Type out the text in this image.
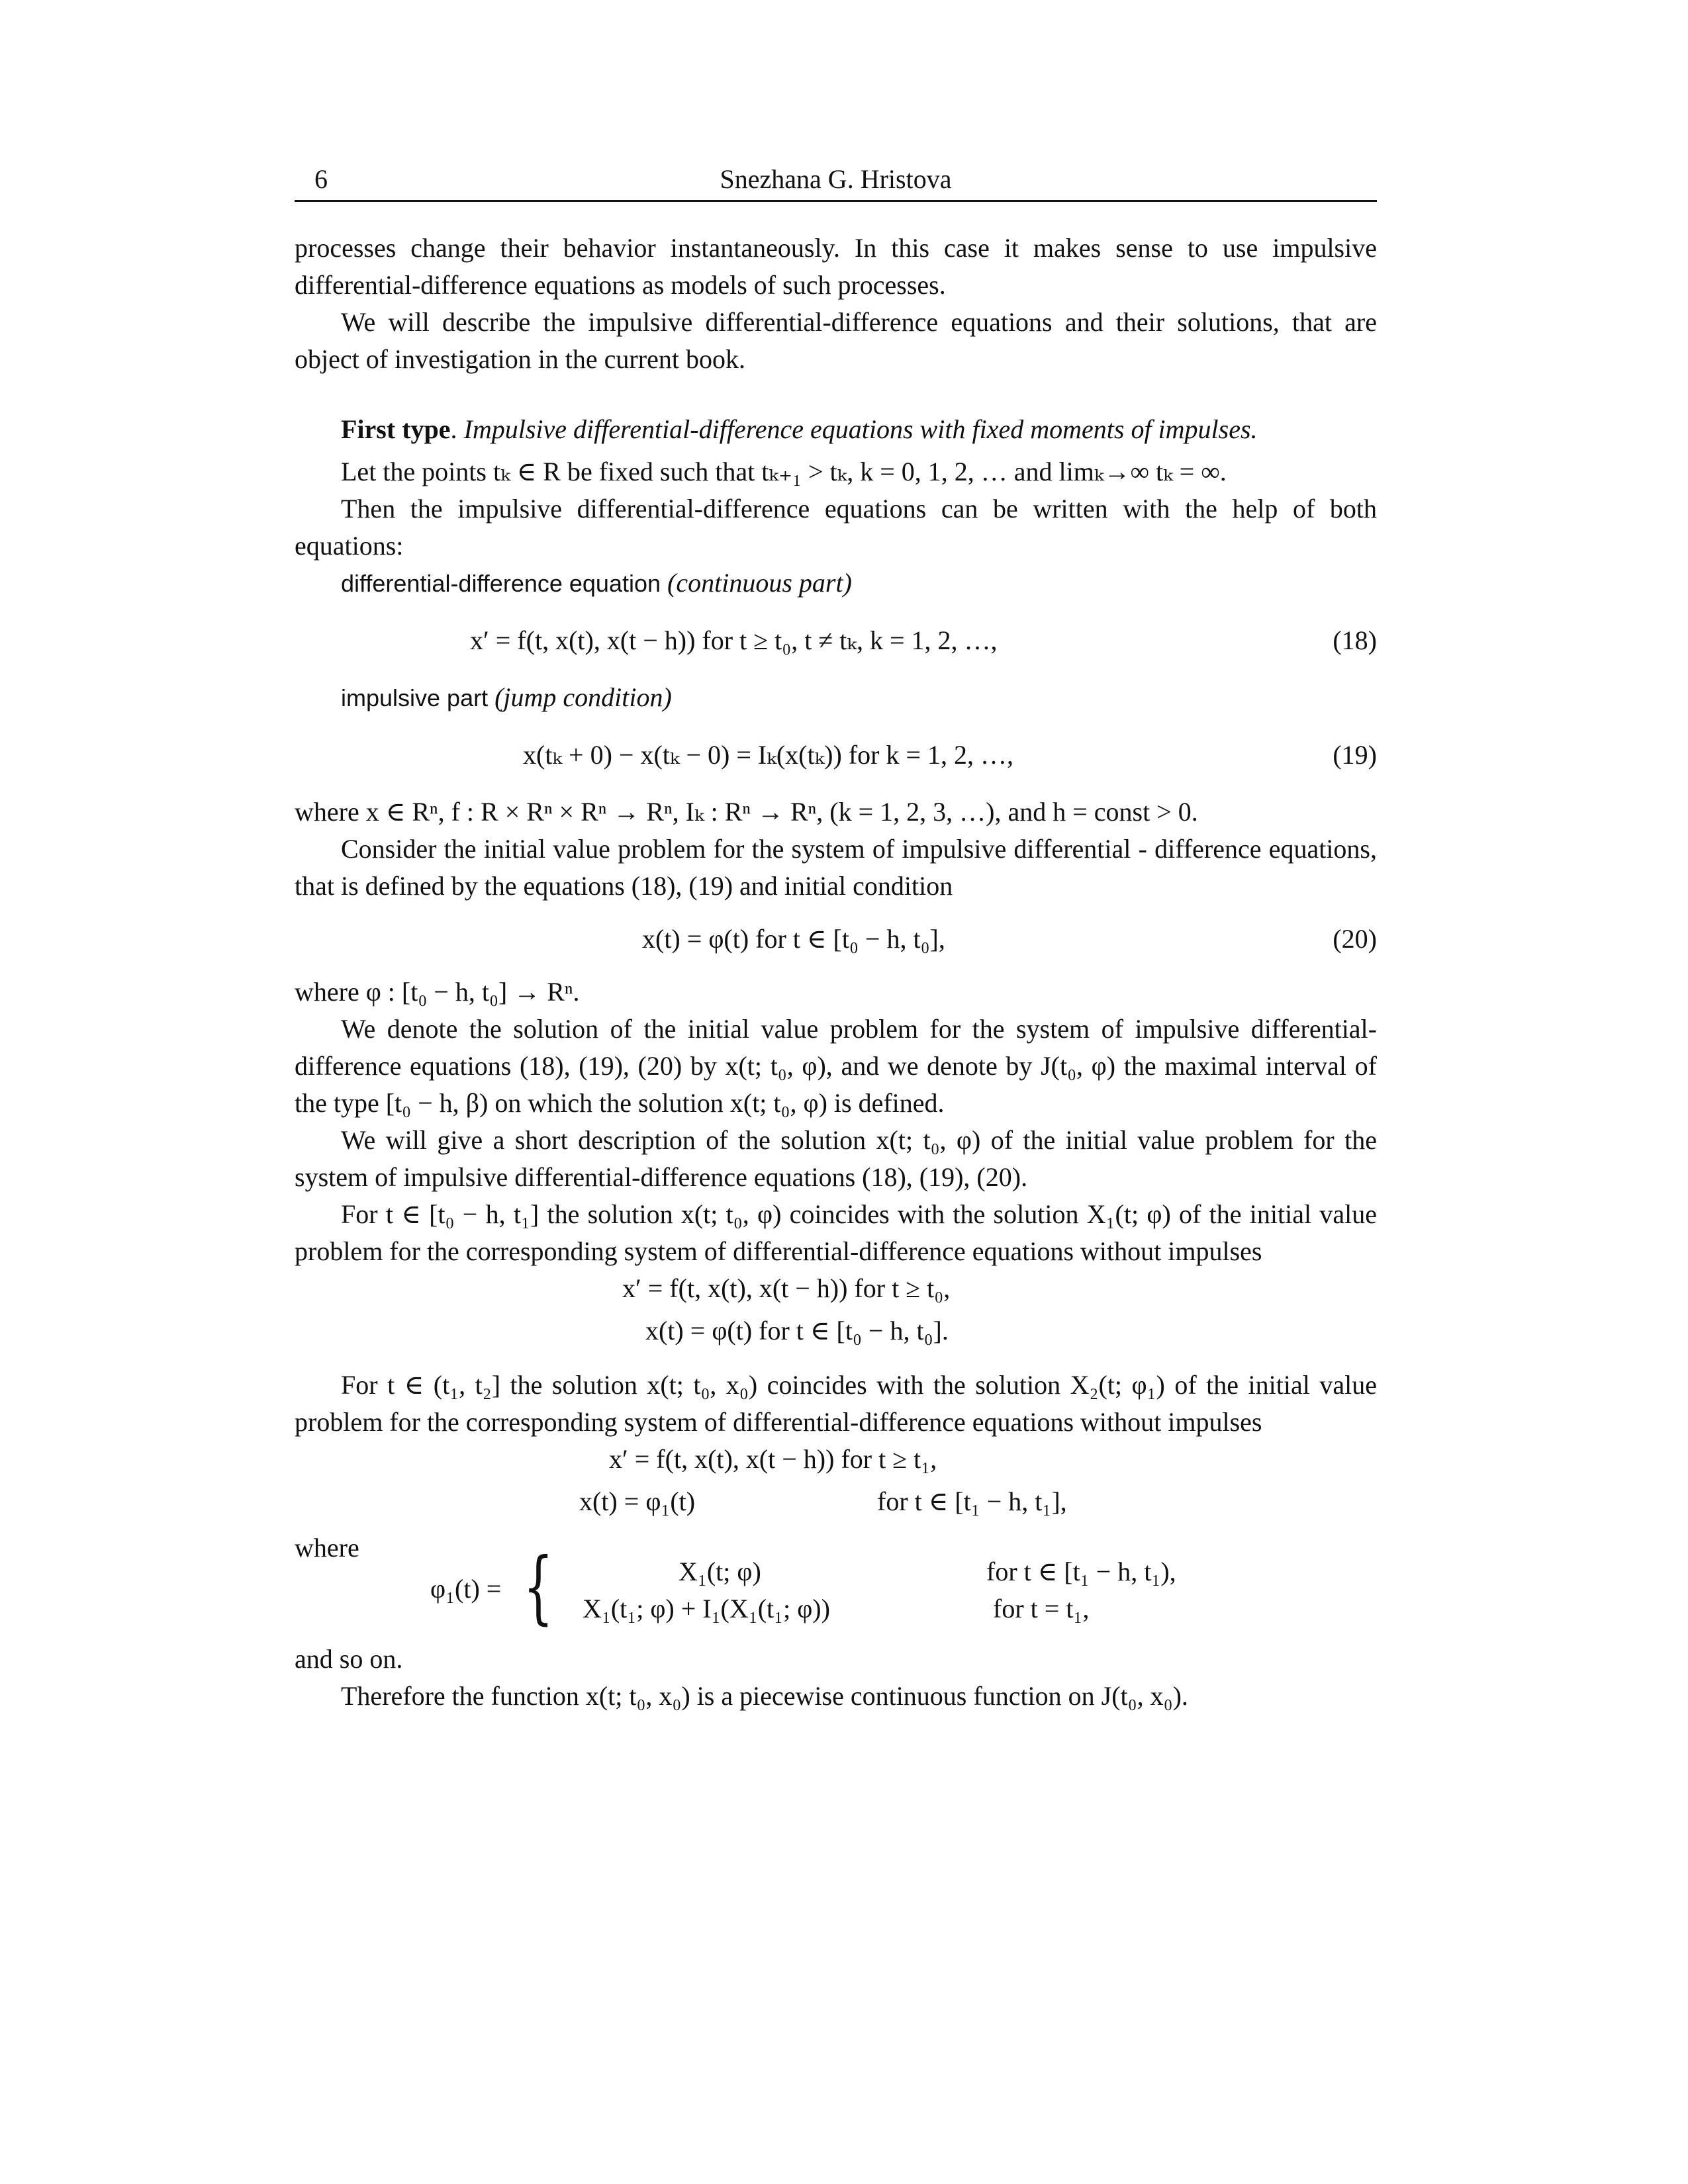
6	Snezhana G. Hristova

processes change their behavior instantaneously. In this case it makes sense to use impulsive differential-difference equations as models of such processes.

We will describe the impulsive differential-difference equations and their solutions, that are object of investigation in the current book.

First type. Impulsive differential-difference equations with fixed moments of impulses.

Let the points tₖ ∈ R be fixed such that tₖ₊₁ > tₖ, k = 0, 1, 2, … and limₖ→∞ tₖ = ∞.

Then the impulsive differential-difference equations can be written with the help of both equations:

differential-difference equation (continuous part)

x′ = f(t, x(t), x(t − h)) for t ≥ t₀, t ≠ tₖ, k = 1, 2, …,	(18)

impulsive part (jump condition)

x(tₖ + 0) − x(tₖ − 0) = Iₖ(x(tₖ)) for k = 1, 2, …,	(19)

where x ∈ Rⁿ, f : R × Rⁿ × Rⁿ → Rⁿ, Iₖ : Rⁿ → Rⁿ, (k = 1, 2, 3, …), and h = const > 0.

Consider the initial value problem for the system of impulsive differential - difference equations, that is defined by the equations (18), (19) and initial condition

x(t) = φ(t) for t ∈ [t₀ − h, t₀],	(20)

where φ : [t₀ − h, t₀] → Rⁿ.

We denote the solution of the initial value problem for the system of impulsive differential-difference equations (18), (19), (20) by x(t; t₀, φ), and we denote by J(t₀, φ) the maximal interval of the type [t₀ − h, β) on which the solution x(t; t₀, φ) is defined.

We will give a short description of the solution x(t; t₀, φ) of the initial value problem for the system of impulsive differential-difference equations (18), (19), (20).

For t ∈ [t₀ − h, t₁] the solution x(t; t₀, φ) coincides with the solution X₁(t; φ) of the initial value problem for the corresponding system of differential-difference equations without impulses

x′ = f(t, x(t), x(t − h)) for t ≥ t₀,
x(t) = φ(t) for t ∈ [t₀ − h, t₀].

For t ∈ (t₁, t₂] the solution x(t; t₀, x₀) coincides with the solution X₂(t; φ₁) of the initial value problem for the corresponding system of differential-difference equations without impulses

x′ = f(t, x(t), x(t − h)) for t ≥ t₁,
x(t) = φ₁(t)	for t ∈ [t₁ − h, t₁],

where

φ₁(t) = {	X₁(t; φ)	for t ∈ [t₁ − h, t₁),
X₁(t₁; φ) + I₁(X₁(t₁; φ))	for t = t₁,

and so on.

Therefore the function x(t; t₀, x₀) is a piecewise continuous function on J(t₀, x₀).
